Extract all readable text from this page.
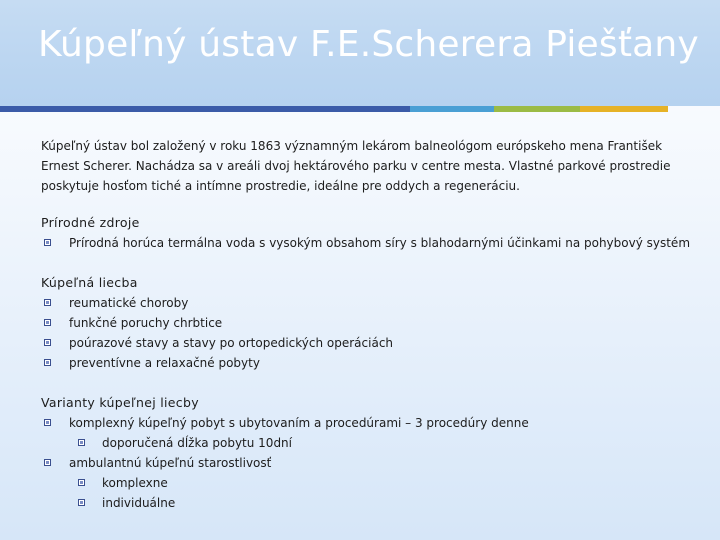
Kúpeľný ústav F.E.Scherera Piešťany

Kúpeľný ústav bol založený v roku 1863 významným lekárom balneológom európskeho mena František Ernest Scherer. Nachádza sa v areáli dvoj hektárového parku v centre mesta. Vlastné parkové prostredie poskytuje hosťom tiché a intímne prostredie, ideálne pre oddych a regeneráciu.

Prírodné zdroje
Prírodná horúca termálna voda s vysokým obsahom síry s blahodarnými účinkami na pohybový systém
Kúpeľná liecba
reumatické choroby
funkčné poruchy chrbtice
poúrazové stavy a stavy po ortopedických operáciách
preventívne a relaxačné pobyty
Varianty kúpeľnej liecby
komplexný kúpeľný pobyt s ubytovaním a procedúrami – 3 procedúry denne
doporučená dĺžka pobytu 10dní
ambulantnú kúpeľnú starostlivosť
komplexne
individuálne
